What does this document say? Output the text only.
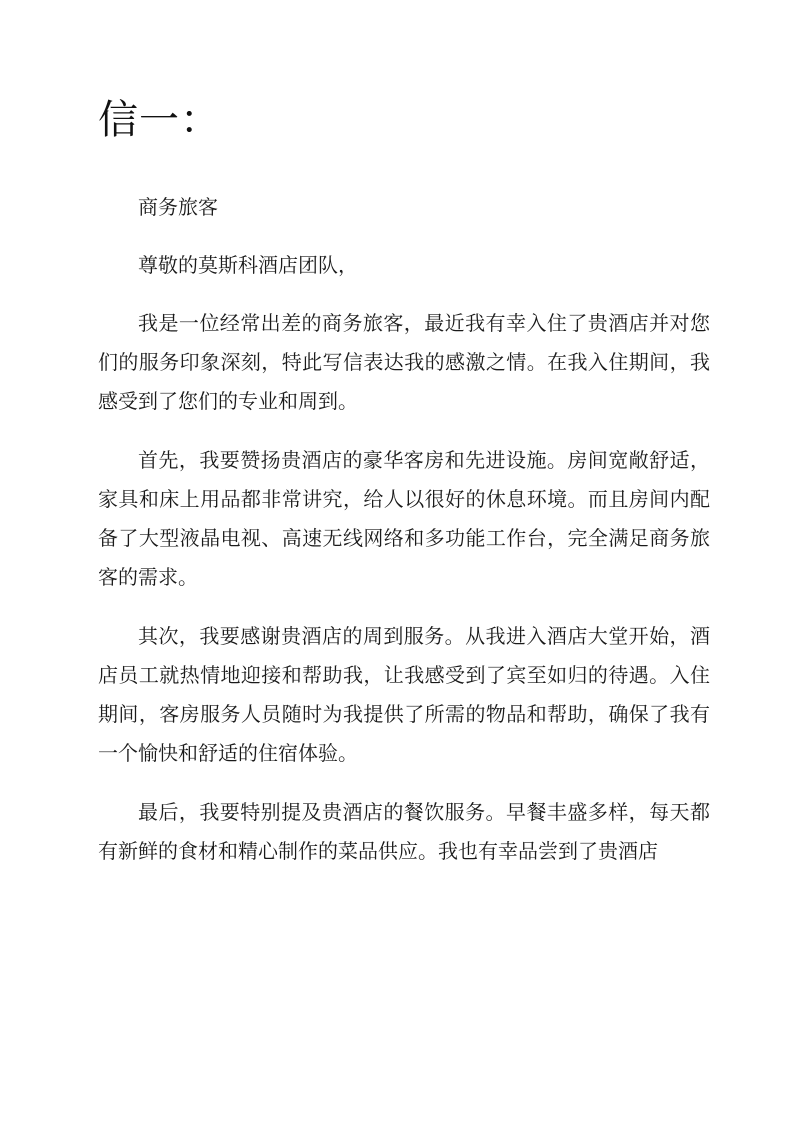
信一：

商务旅客

尊敬的莫斯科酒店团队，

我是一位经常出差的商务旅客，最近我有幸入住了贵酒店并对您们的服务印象深刻，特此写信表达我的感激之情。在我入住期间，我感受到了您们的专业和周到。

首先，我要赞扬贵酒店的豪华客房和先进设施。房间宽敞舒适，家具和床上用品都非常讲究，给人以很好的休息环境。而且房间内配备了大型液晶电视、高速无线网络和多功能工作台，完全满足商务旅客的需求。

其次，我要感谢贵酒店的周到服务。从我进入酒店大堂开始，酒店员工就热情地迎接和帮助我，让我感受到了宾至如归的待遇。入住期间，客房服务人员随时为我提供了所需的物品和帮助，确保了我有一个愉快和舒适的住宿体验。

最后，我要特别提及贵酒店的餐饮服务。早餐丰盛多样，每天都有新鲜的食材和精心制作的菜品供应。我也有幸品尝到了贵酒店
